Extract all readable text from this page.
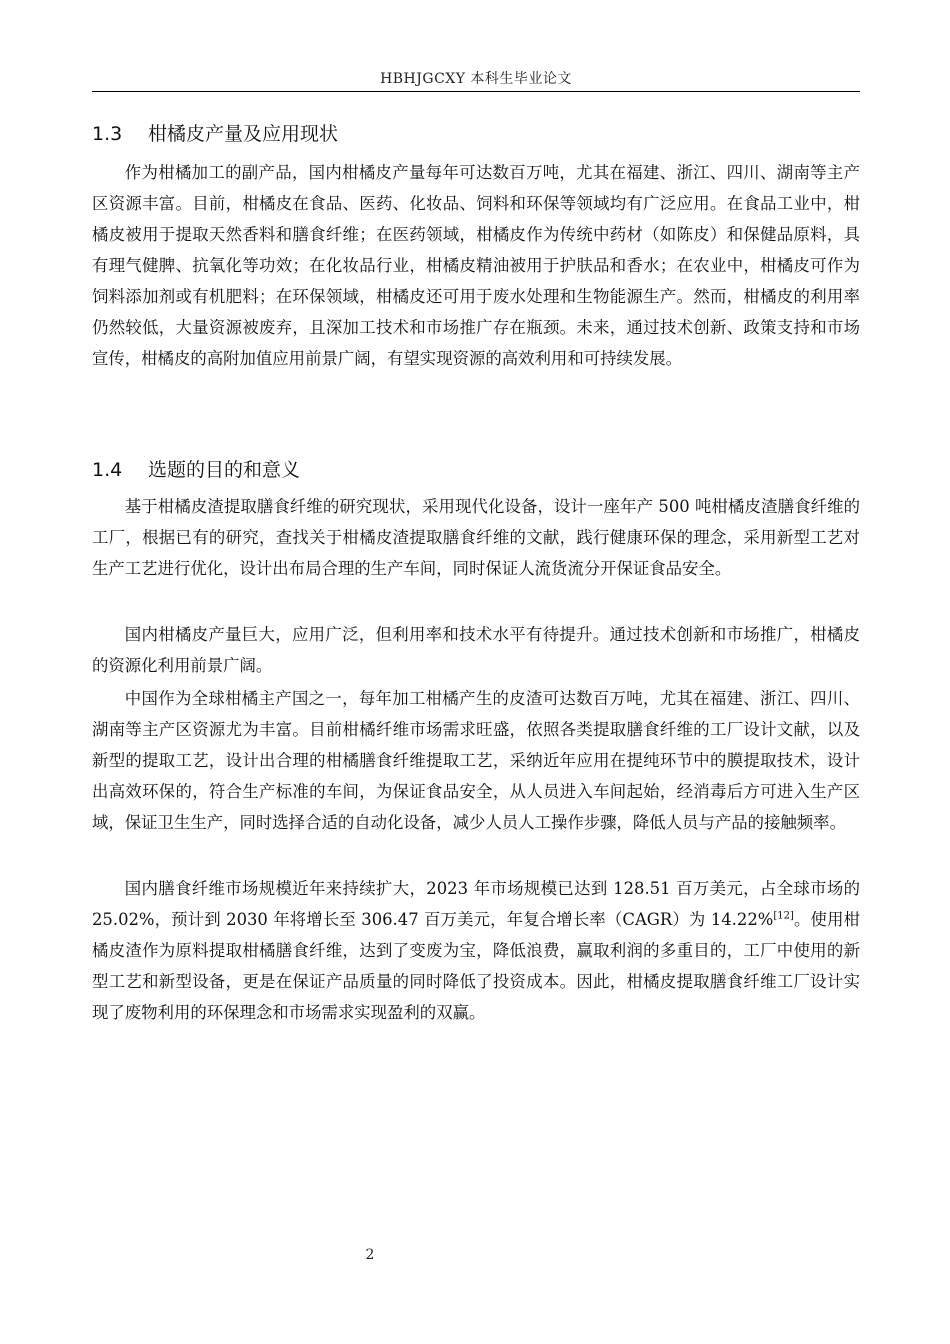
HBHJGCXY 本科生毕业论文
1.3 柑橘皮产量及应用现状

作为柑橘加工的副产品，国内柑橘皮产量每年可达数百万吨，尤其在福建、浙江、四川、湖南等主产区资源丰富。目前，柑橘皮在食品、医药、化妆品、饲料和环保等领域均有广泛应用。在食品工业中，柑橘皮被用于提取天然香料和膳食纤维；在医药领域，柑橘皮作为传统中药材（如陈皮）和保健品原料，具有理气健脾、抗氧化等功效；在化妆品行业，柑橘皮精油被用于护肤品和香水；在农业中，柑橘皮可作为饲料添加剂或有机肥料；在环保领域，柑橘皮还可用于废水处理和生物能源生产。然而，柑橘皮的利用率仍然较低，大量资源被废弃，且深加工技术和市场推广存在瓶颈。未来，通过技术创新、政策支持和市场宣传，柑橘皮的高附加值应用前景广阔，有望实现资源的高效利用和可持续发展。

1.4 选题的目的和意义

基于柑橘皮渣提取膳食纤维的研究现状，采用现代化设备，设计一座年产 500 吨柑橘皮渣膳食纤维的工厂，根据已有的研究，查找关于柑橘皮渣提取膳食纤维的文献，践行健康环保的理念，采用新型工艺对生产工艺进行优化，设计出布局合理的生产车间，同时保证人流货流分开保证食品安全。

国内柑橘皮产量巨大，应用广泛，但利用率和技术水平有待提升。通过技术创新和市场推广，柑橘皮的资源化利用前景广阔。

中国作为全球柑橘主产国之一，每年加工柑橘产生的皮渣可达数百万吨，尤其在福建、浙江、四川、湖南等主产区资源尤为丰富。目前柑橘纤维市场需求旺盛，依照各类提取膳食纤维的工厂设计文献，以及新型的提取工艺，设计出合理的柑橘膳食纤维提取工艺，采纳近年应用在提纯环节中的膜提取技术，设计出高效环保的，符合生产标准的车间，为保证食品安全，从人员进入车间起始，经消毒后方可进入生产区域，保证卫生生产，同时选择合适的自动化设备，减少人员人工操作步骤，降低人员与产品的接触频率。

国内膳食纤维市场规模近年来持续扩大，2023 年市场规模已达到 128.51 百万美元，占全球市场的 25.02%，预计到 2030 年将增长至 306.47 百万美元，年复合增长率（CAGR）为 14.22%[12]。使用柑橘皮渣作为原料提取柑橘膳食纤维，达到了变废为宝，降低浪费，赢取利润的多重目的，工厂中使用的新型工艺和新型设备，更是在保证产品质量的同时降低了投资成本。因此，柑橘皮提取膳食纤维工厂设计实现了废物利用的环保理念和市场需求实现盈利的双赢。

2
